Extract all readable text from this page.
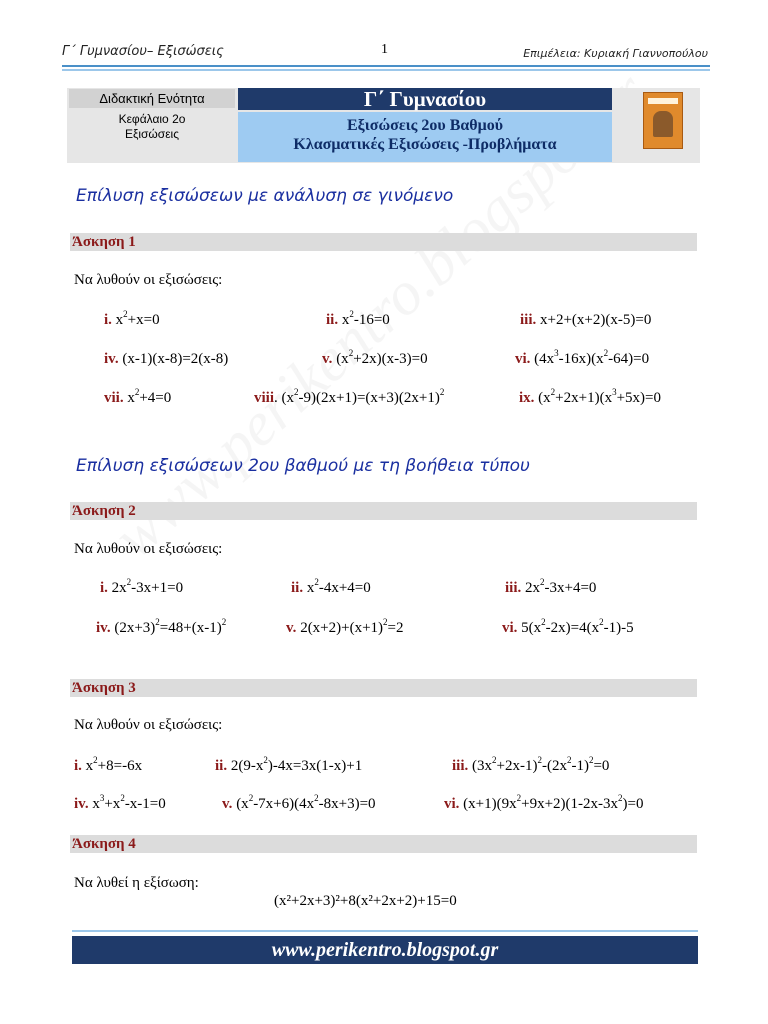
Γ΄ Γυμνασίου– Εξισώσεις	1	Επιμέλεια: Κυριακή Γιαννοπούλου
Διδακτική Ενότητα
Κεφάλαιο 2ο
Εξισώσεις
Γ΄ Γυμνασίου
Εξισώσεις 2ου Βαθμού
Κλασματικές Εξισώσεις -Προβλήματα
Επίλυση εξισώσεων με ανάλυση σε γινόμενο
Άσκηση 1
Να λυθούν οι εξισώσεις:
i. $x^2+x=0$	ii. $x^2-16=0$	iii. x+2+(x+2)(x-5)=0
iv. (x-1)(x-8)=2(x-8)	v. $(x^2+2x)(x-3)=0$	vi. $(4x^3-16x)(x^2-64)=0$
vii. $x^2+4=0$	viii. $(x^2-9)(2x+1)=(x+3)(2x+1)^2$	ix. $(x^2+2x+1)(x^3+5x)=0$
Επίλυση εξισώσεων 2ου βαθμού με τη βοήθεια τύπου
Άσκηση 2
Να λυθούν οι εξισώσεις:
i. $2x^2-3x+1=0$	ii. $x^2-4x+4=0$	iii. $2x^2-3x+4=0$
iv. $(2x+3)^2=48+(x-1)^2$	v. $2(x+2)+(x+1)^2=2$	vi. $5(x^2-2x)=4(x^2-1)-5$
Άσκηση 3
Να λυθούν οι εξισώσεις:
i. $x^2+8=-6x$	ii. $2(9-x^2)-4x=3x(1-x)+1$	iii. $(3x^2+2x-1)^2-(2x^2-1)^2=0$
iv. $x^3+x^2-x-1=0$	v. $(x^2-7x+6)(4x^2-8x+3)=0$	vi. $(x+1)(9x^2+9x+2)(1-2x-3x^2)=0$
Άσκηση 4
Να λυθεί η εξίσωση:
(x²+2x+3)²+8(x²+2x+2)+15=0
www.perikentro.blogspot.gr
